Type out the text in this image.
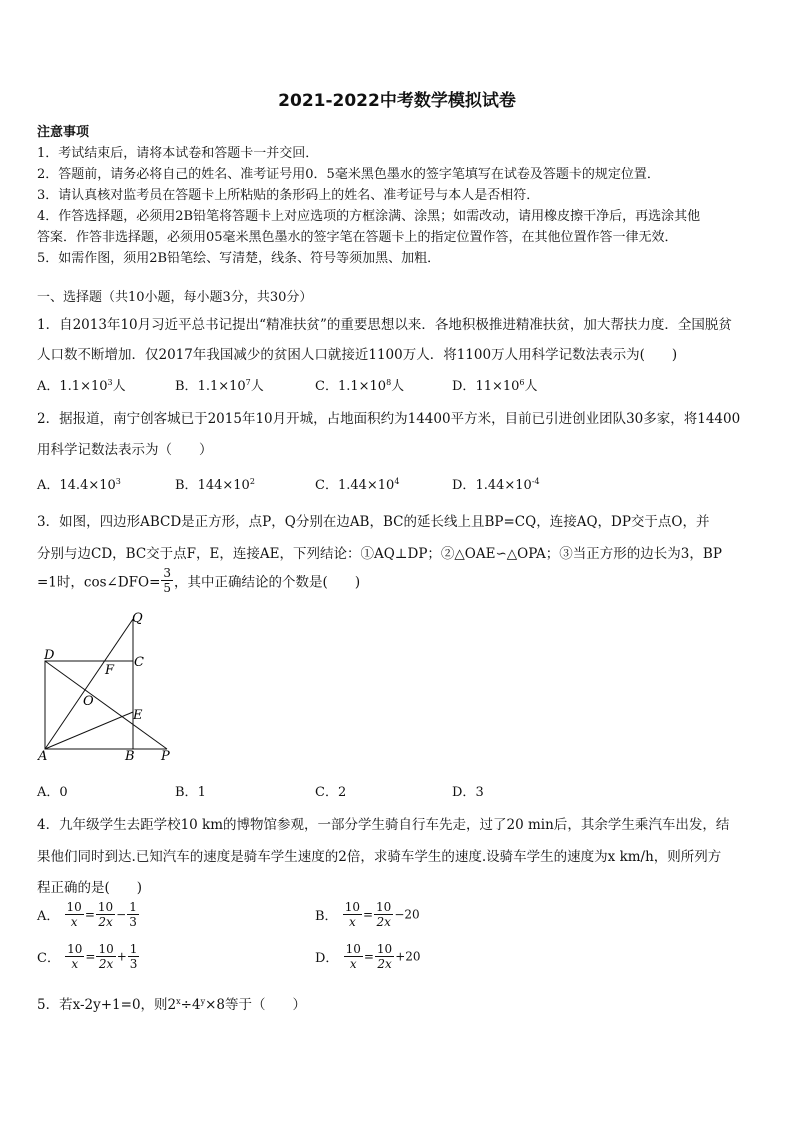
2021-2022中考数学模拟试卷
注意事项
1．考试结束后，请将本试卷和答题卡一并交回．
2．答题前，请务必将自己的姓名、准考证号用0．5毫米黑色墨水的签字笔填写在试卷及答题卡的规定位置．
3．请认真核对监考员在答题卡上所粘贴的条形码上的姓名、准考证号与本人是否相符．
4．作答选择题，必须用2B铅笔将答题卡上对应选项的方框涂满、涂黑；如需改动，请用橡皮擦干净后，再选涂其他
答案．作答非选择题，必须用05毫米黑色墨水的签字笔在答题卡上的指定位置作答，在其他位置作答一律无效．
5．如需作图，须用2B铅笔绘、写清楚，线条、符号等须加黑、加粗．
一、选择题（共10小题，每小题3分，共30分）
1．自2013年10月习近平总书记提出“精准扶贫”的重要思想以来．各地积极推进精准扶贫，加大帮扶力度．全国脱贫
人口数不断增加．仅2017年我国减少的贫困人口就接近1100万人．将1100万人用科学记数法表示为(　　)
A．$1.1\times 10^3$人	B．$1.1\times 10^7$人	C．$1.1\times 10^8$人	D．$11\times 10^6$人
2．据报道，南宁创客城已于2015年10月开城，占地面积约为14400平方米，目前已引进创业团队30多家，将14400
用科学记数法表示为（　　）
A．$14.4\times 10^3$	B．$144\times 10^2$	C．$1.44\times 10^4$	D．$1.44\times 10^{-4}$
3．如图，四边形ABCD是正方形，点P，Q分别在边AB，BC的延长线上且BP=CQ，连接AQ，DP交于点O，并
分别与边CD，BC交于点F，E，连接AE，下列结论：①AQ⊥DP；②△OAE∽△OPA；③当正方形的边长为3，BP
=1时，cos∠DFO= $\frac{3}{5}$ ，其中正确结论的个数是(　　)
Q
D	C
F
O
E
A	B P
A．0	B．1	C．2	D．3
4．九年级学生去距学校10 km的博物馆参观，一部分学生骑自行车先走，过了20 min后，其余学生乘汽车出发，结
果他们同时到达.已知汽车的速度是骑车学生速度的2倍，求骑车学生的速度.设骑车学生的速度为x km/h，则所列方
程正确的是(　　)
A． $\frac{10}{x} = \frac{10}{2x} - \frac{1}{3}$	B． $\frac{10}{x} = \frac{10}{2x} -20$
C． $\frac{10}{x} = \frac{10}{2x} + \frac{1}{3}$	D． $\frac{10}{x} = \frac{10}{2x} +20$
5．若x-2y+1=0，则$2^x\div 4^y\times 8$等于（　　）
